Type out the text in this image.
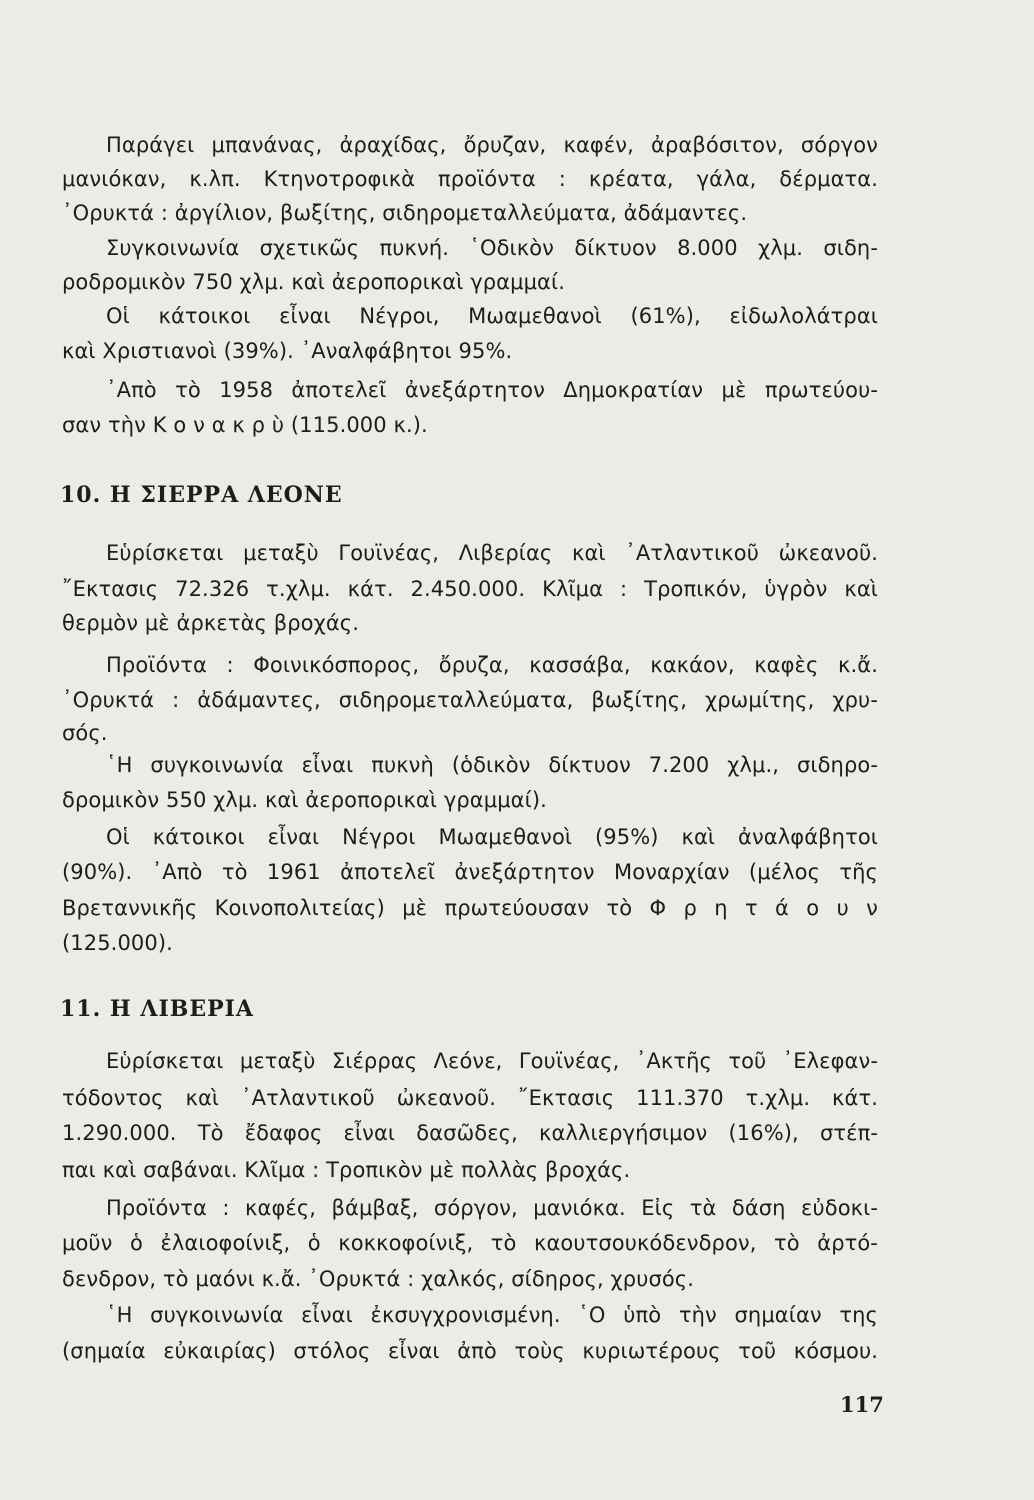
Παράγει μπανάνας, ἀραχίδας, ὄρυζαν, καφέν, ἀραβόσιτον, σόργον
μανιόκαν, κ.λπ. Κτηνοτροφικὰ προϊόντα : κρέατα, γάλα, δέρματα.
᾿Ορυκτά : ἀργίλιον, βωξίτης, σιδηρομεταλλεύματα, ἀδάμαντες.
Συγκοινωνία σχετικῶς πυκνή. ῾Οδικὸν δίκτυον 8.000 χλμ. σιδη-
ροδρομικὸν 750 χλμ. καὶ ἀεροπορικαὶ γραμμαί.
Οἱ κάτοικοι εἶναι Νέγροι, Μωαμεθανοὶ (61%), εἰδωλολάτραι
καὶ Χριστιανοὶ (39%). ᾿Αναλφάβητοι 95%.
᾿Απὸ τὸ 1958 ἀποτελεῖ ἀνεξάρτητον Δημοκρατίαν μὲ πρωτεύου-
σαν τὴν Κ ο ν α κ ρ ὺ (115.000 κ.).
10. Η ΣΙΕΡΡΑ ΛΕΟΝΕ
Εὑρίσκεται μεταξὺ Γουϊνέας, Λιβερίας καὶ ᾿Ατλαντικοῦ ὠκεανοῦ.
῎Εκτασις 72.326 τ.χλμ. κάτ. 2.450.000. Κλῖμα : Τροπικόν, ὑγρὸν καὶ
θερμὸν μὲ ἀρκετὰς βροχάς.
Προϊόντα : Φοινικόσπορος, ὄρυζα, κασσάβα, κακάον, καφὲς κ.ἄ.
᾿Ορυκτά : ἀδάμαντες, σιδηρομεταλλεύματα, βωξίτης, χρωμίτης, χρυ-
σός.
῾Η συγκοινωνία εἶναι πυκνὴ (ὁδικὸν δίκτυον 7.200 χλμ., σιδηρο-
δρομικὸν 550 χλμ. καὶ ἀεροπορικαὶ γραμμαί).
Οἱ κάτοικοι εἶναι Νέγροι Μωαμεθανοὶ (95%) καὶ ἀναλφάβητοι
(90%). ᾿Απὸ τὸ 1961 ἀποτελεῖ ἀνεξάρτητον Μοναρχίαν (μέλος τῆς
Βρεταννικῆς Κοινοπολιτείας) μὲ πρωτεύουσαν τὸ Φ ρ η τ ά ο υ ν
(125.000).
11. Η ΛΙΒΕΡΙΑ
Εὑρίσκεται μεταξὺ Σιέρρας Λεόνε, Γουϊνέας, ᾿Ακτῆς τοῦ ᾿Ελεφαν-
τόδοντος καὶ ᾿Ατλαντικοῦ ὠκεανοῦ. ῎Εκτασις 111.370 τ.χλμ. κάτ.
1.290.000. Τὸ ἔδαφος εἶναι δασῶδες, καλλιεργήσιμον (16%), στέπ-
παι καὶ σαβάναι. Κλῖμα : Τροπικὸν μὲ πολλὰς βροχάς.
Προϊόντα : καφές, βάμβαξ, σόργον, μανιόκα. Εἰς τὰ δάση εὐδοκι-
μοῦν ὁ ἐλαιοφοίνιξ, ὁ κοκκοφοίνιξ, τὸ καουτσουκόδενδρον, τὸ ἀρτό-
δενδρον, τὸ μαόνι κ.ἄ. ᾿Ορυκτά : χαλκός, σίδηρος, χρυσός.
῾Η συγκοινωνία εἶναι ἐκσυγχρονισμένη. ῾Ο ὑπὸ τὴν σημαίαν της
(σημαία εὐκαιρίας) στόλος εἶναι ἀπὸ τοὺς κυριωτέρους τοῦ κόσμου.
117
